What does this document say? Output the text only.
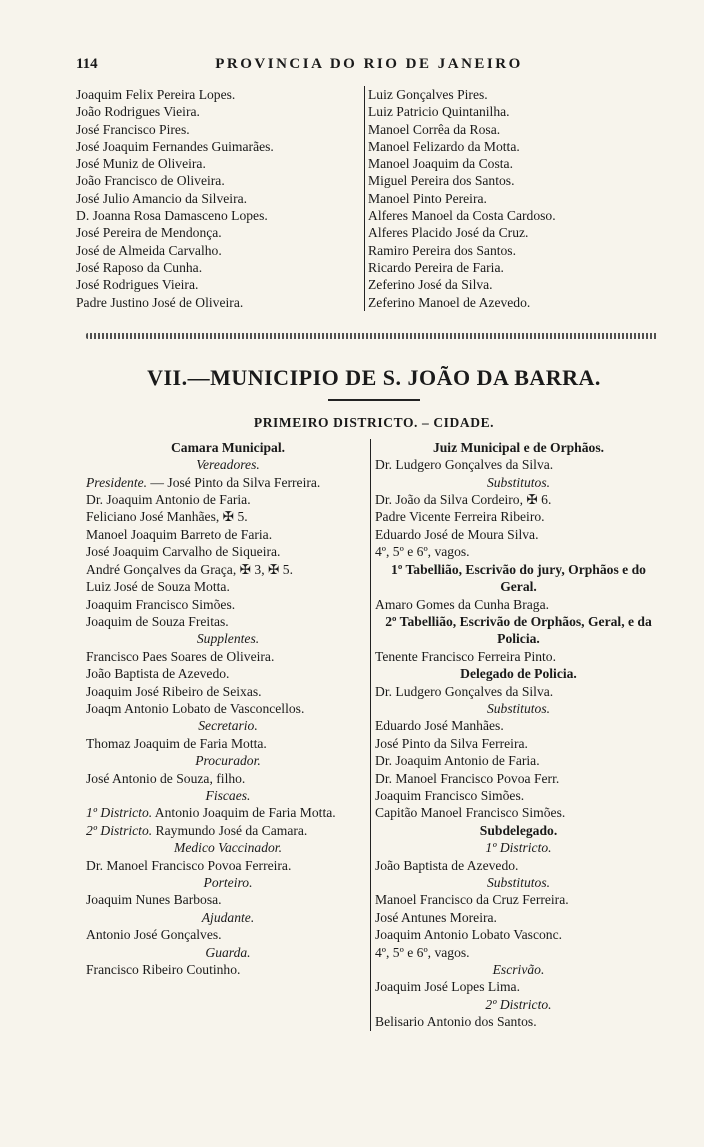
114	PROVINCIA DO RIO DE JANEIRO
Joaquim Felix Pereira Lopes.
João Rodrigues Vieira.
José Francisco Pires.
José Joaquim Fernandes Guimarães.
José Muniz de Oliveira.
João Francisco de Oliveira.
José Julio Amancio da Silveira.
D. Joanna Rosa Damasceno Lopes.
José Pereira de Mendonça.
José de Almeida Carvalho.
José Raposo da Cunha.
José Rodrigues Vieira.
Padre Justino José de Oliveira.
Luiz Gonçalves Pires.
Luiz Patricio Quintanilha.
Manoel Corrêa da Rosa.
Manoel Felizardo da Motta.
Manoel Joaquim da Costa.
Miguel Pereira dos Santos.
Manoel Pinto Pereira.
Alferes Manoel da Costa Cardoso.
Alferes Placido José da Cruz.
Ramiro Pereira dos Santos.
Ricardo Pereira de Faria.
Zeferino José da Silva.
Zeferino Manoel de Azevedo.
VII.—MUNICIPIO DE S. JOÃO DA BARRA.
PRIMEIRO DISTRICTO. – CIDADE.
Camara Municipal.
Vereadores.
Presidente. — José Pinto da Silva Ferreira.
Dr. Joaquim Antonio de Faria.
Feliciano José Manhães, ✠ 5.
Manoel Joaquim Barreto de Faria.
José Joaquim Carvalho de Siqueira.
André Gonçalves da Graça, ✠ 3, ✠ 5.
Luiz José de Souza Motta.
Joaquim Francisco Simões.
Joaquim de Souza Freitas.
Supplentes.
Francisco Paes Soares de Oliveira.
João Baptista de Azevedo.
Joaquim José Ribeiro de Seixas.
Joaqm Antonio Lobato de Vasconcellos.
Secretario.
Thomaz Joaquim de Faria Motta.
Procurador.
José Antonio de Souza, filho.
Fiscaes.
1º Districto. Antonio Joaquim de Faria Motta.
2º Districto. Raymundo José da Camara.
Medico Vaccinador.
Dr. Manoel Francisco Povoa Ferreira.
Porteiro.
Joaquim Nunes Barbosa.
Ajudante.
Antonio José Gonçalves.
Guarda.
Francisco Ribeiro Coutinho.
Juiz Municipal e de Orphãos.
Dr. Ludgero Gonçalves da Silva.
Substitutos.
Dr. João da Silva Cordeiro, ✠ 6.
Padre Vicente Ferreira Ribeiro.
Eduardo José de Moura Silva.
4º, 5º e 6º, vagos.
1º Tabellião, Escrivão do jury, Orphãos e do Geral.
Amaro Gomes da Cunha Braga.
2º Tabellião, Escrivão de Orphãos, Geral, e da Policia.
Tenente Francisco Ferreira Pinto.
Delegado de Policia.
Dr. Ludgero Gonçalves da Silva.
Substitutos.
Eduardo José Manhães.
José Pinto da Silva Ferreira.
Dr. Joaquim Antonio de Faria.
Dr. Manoel Francisco Povoa Ferr.
Joaquim Francisco Simões.
Capitão Manoel Francisco Simões.
Subdelegado.
1º Districto.
João Baptista de Azevedo.
Substitutos.
Manoel Francisco da Cruz Ferreira.
José Antunes Moreira.
Joaquim Antonio Lobato Vasconc.
4º, 5º e 6º, vagos.
Escrivão.
Joaquim José Lopes Lima.
2º Districto.
Belisario Antonio dos Santos.
